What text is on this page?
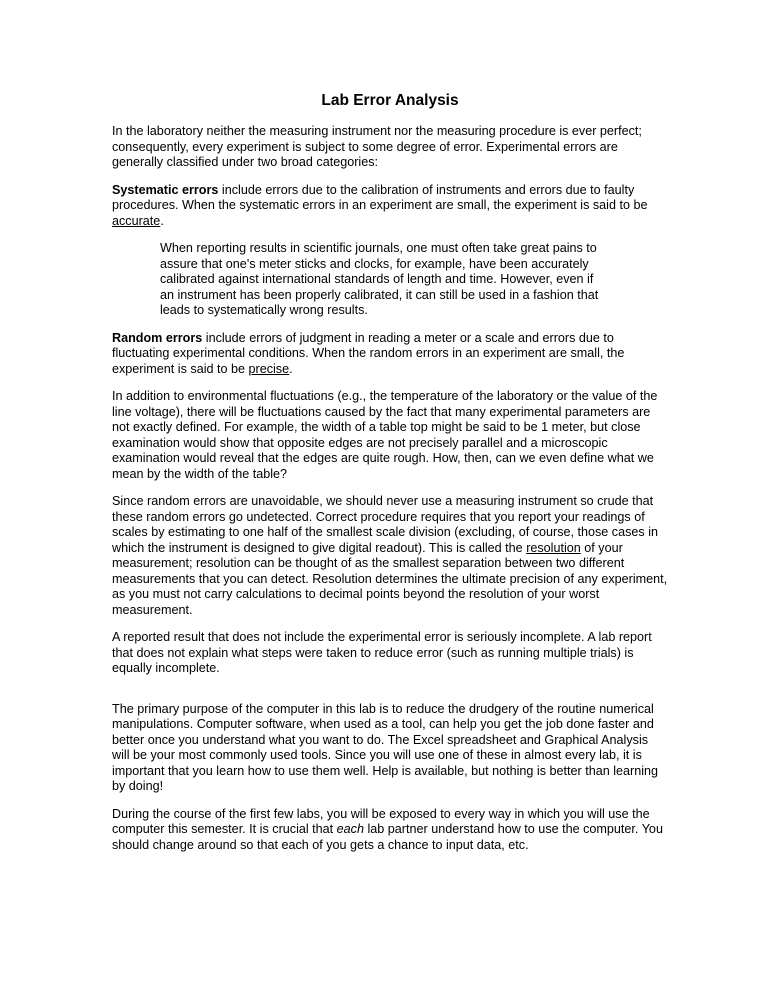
Lab Error Analysis

In the laboratory neither the measuring instrument nor the measuring procedure is ever perfect; consequently, every experiment is subject to some degree of error. Experimental errors are generally classified under two broad categories:

Systematic errors include errors due to the calibration of instruments and errors due to faulty procedures. When the systematic errors in an experiment are small, the experiment is said to be accurate.

When reporting results in scientific journals, one must often take great pains to assure that one's meter sticks and clocks, for example, have been accurately calibrated against international standards of length and time. However, even if an instrument has been properly calibrated, it can still be used in a fashion that leads to systematically wrong results.

Random errors include errors of judgment in reading a meter or a scale and errors due to fluctuating experimental conditions. When the random errors in an experiment are small, the experiment is said to be precise.

In addition to environmental fluctuations (e.g., the temperature of the laboratory or the value of the line voltage), there will be fluctuations caused by the fact that many experimental parameters are not exactly defined. For example, the width of a table top might be said to be 1 meter, but close examination would show that opposite edges are not precisely parallel and a microscopic examination would reveal that the edges are quite rough. How, then, can we even define what we mean by the width of the table?

Since random errors are unavoidable, we should never use a measuring instrument so crude that these random errors go undetected. Correct procedure requires that you report your readings of scales by estimating to one half of the smallest scale division (excluding, of course, those cases in which the instrument is designed to give digital readout). This is called the resolution of your measurement; resolution can be thought of as the smallest separation between two different measurements that you can detect. Resolution determines the ultimate precision of any experiment, as you must not carry calculations to decimal points beyond the resolution of your worst measurement.

A reported result that does not include the experimental error is seriously incomplete. A lab report that does not explain what steps were taken to reduce error (such as running multiple trials) is equally incomplete.

The primary purpose of the computer in this lab is to reduce the drudgery of the routine numerical manipulations. Computer software, when used as a tool, can help you get the job done faster and better once you understand what you want to do. The Excel spreadsheet and Graphical Analysis will be your most commonly used tools. Since you will use one of these in almost every lab, it is important that you learn how to use them well. Help is available, but nothing is better than learning by doing!

During the course of the first few labs, you will be exposed to every way in which you will use the computer this semester. It is crucial that each lab partner understand how to use the computer. You should change around so that each of you gets a chance to input data, etc.
